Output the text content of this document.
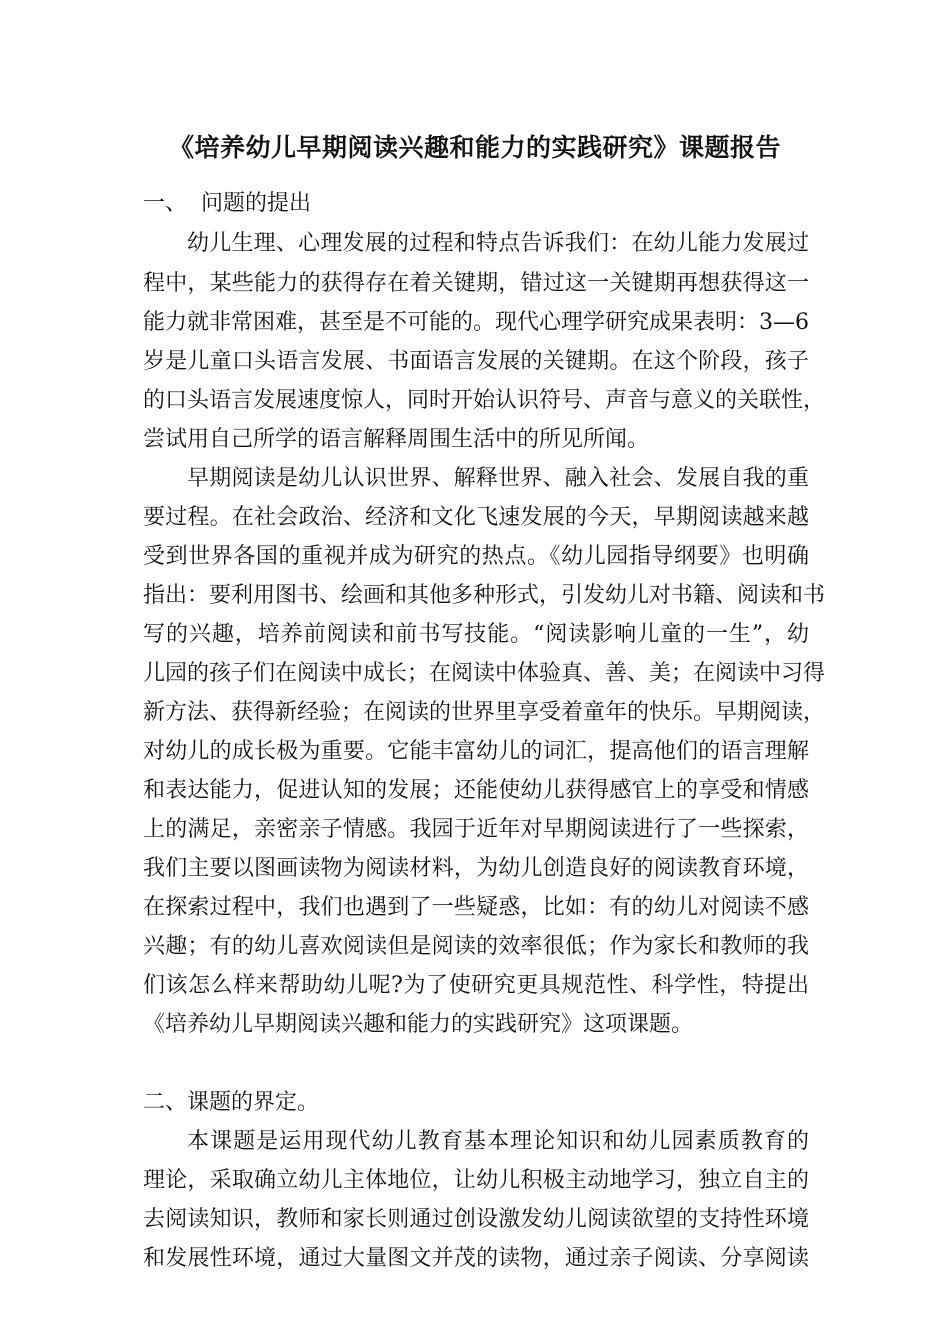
《培养幼儿早期阅读兴趣和能力的实践研究》课题报告
一、 问题的提出
幼儿生理、心理发展的过程和特点告诉我们：在幼儿能力发展过
程中，某些能力的获得存在着关键期，错过这一关键期再想获得这一
能力就非常困难，甚至是不可能的。现代心理学研究成果表明：3—6
岁是儿童口头语言发展、书面语言发展的关键期。在这个阶段，孩子
的口头语言发展速度惊人，同时开始认识符号、声音与意义的关联性，
尝试用自己所学的语言解释周围生活中的所见所闻。
早期阅读是幼儿认识世界、解释世界、融入社会、发展自我的重
要过程。在社会政治、经济和文化飞速发展的今天，早期阅读越来越
受到世界各国的重视并成为研究的热点。《幼儿园指导纲要》也明确
指出：要利用图书、绘画和其他多种形式，引发幼儿对书籍、阅读和书
写的兴趣，培养前阅读和前书写技能。“阅读影响儿童的一生”，幼
儿园的孩子们在阅读中成长；在阅读中体验真、善、美；在阅读中习得
新方法、获得新经验；在阅读的世界里享受着童年的快乐。早期阅读，
对幼儿的成长极为重要。它能丰富幼儿的词汇，提高他们的语言理解
和表达能力，促进认知的发展；还能使幼儿获得感官上的享受和情感
上的满足，亲密亲子情感。我园于近年对早期阅读进行了一些探索，
我们主要以图画读物为阅读材料，为幼儿创造良好的阅读教育环境，
在探索过程中，我们也遇到了一些疑惑，比如：有的幼儿对阅读不感
兴趣；有的幼儿喜欢阅读但是阅读的效率很低；作为家长和教师的我
们该怎么样来帮助幼儿呢?为了使研究更具规范性、科学性，特提出
《培养幼儿早期阅读兴趣和能力的实践研究》这项课题。
二、课题的界定。
本课题是运用现代幼儿教育基本理论知识和幼儿园素质教育的
理论，采取确立幼儿主体地位，让幼儿积极主动地学习，独立自主的
去阅读知识，教师和家长则通过创设激发幼儿阅读欲望的支持性环境
和发展性环境，通过大量图文并茂的读物，通过亲子阅读、分享阅读
